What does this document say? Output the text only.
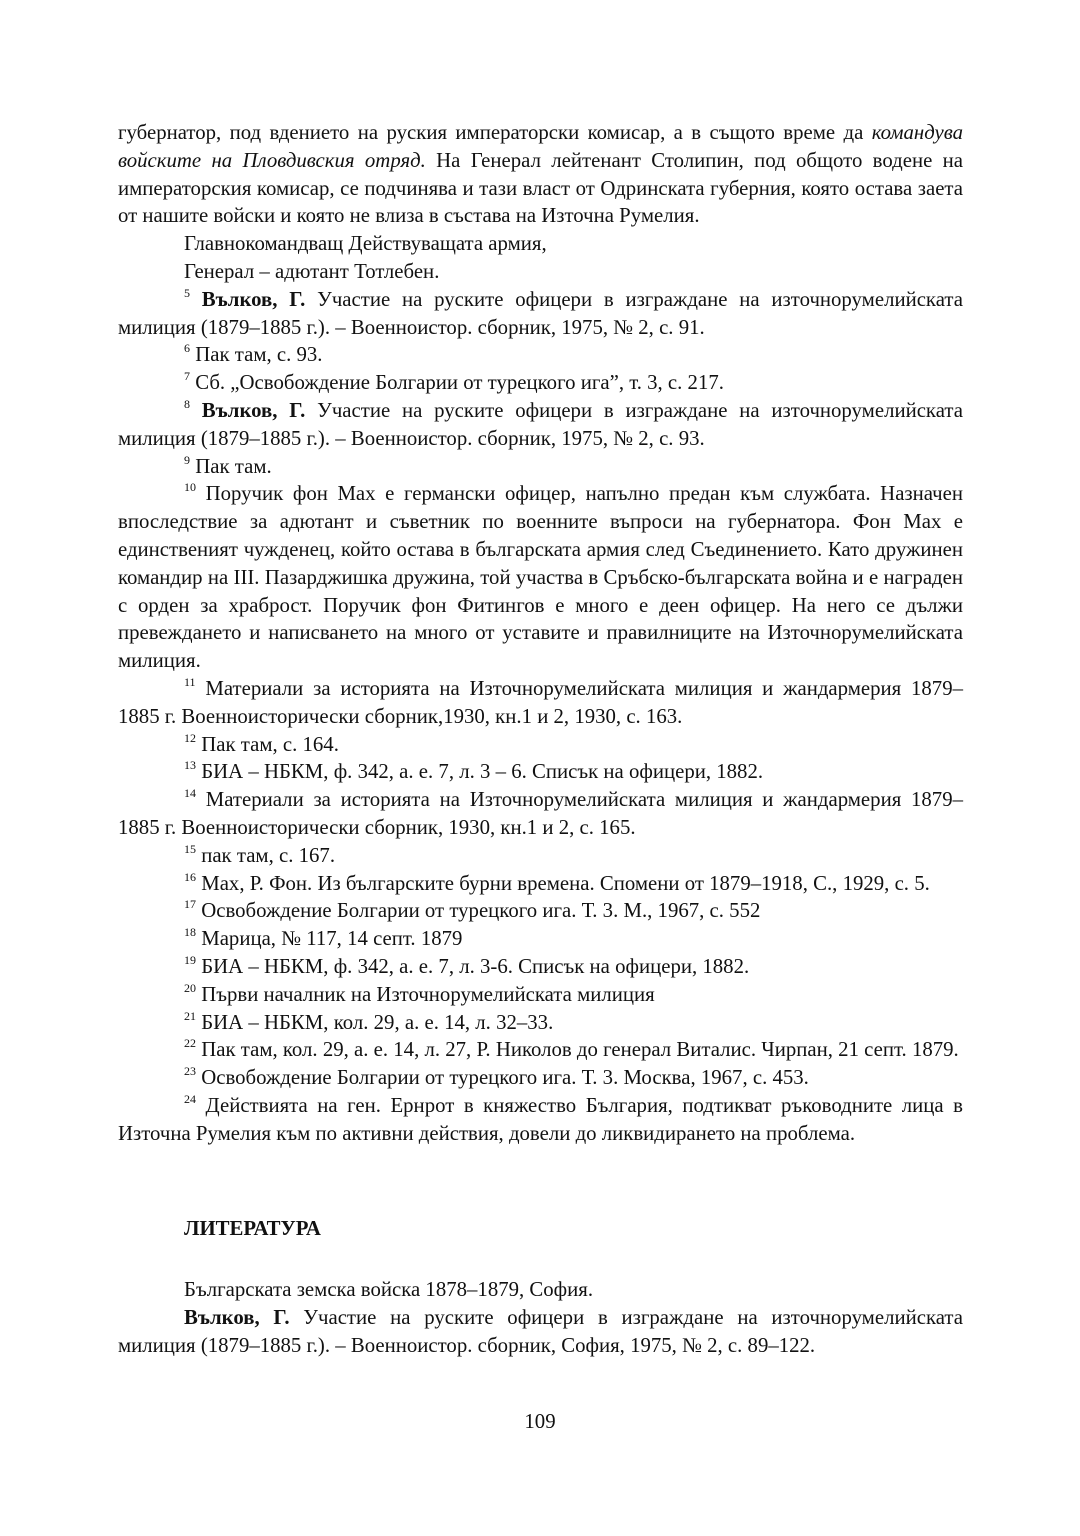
губернатор, под вдението на руския императорски комисар, а в същото време да командува войските на Пловдивския отряд. На Генерал лейтенант Столипин, под общото водене на императорския комисар, се подчинява и тази власт от Одринската губерния, която остава заета от нашите войски и която не влиза в състава на Източна Румелия.

Главнокомандващ Действуващата армия,

Генерал – адютант Тотлебен.

$^5$ Вълков, Г. Участие на руските офицери в изграждане на източнорумелийската милиция (1879–1885 г.). – Военноистор. сборник, 1975, № 2, с. 91.

$^6$ Пак там, с. 93.

$^7$ Сб. „Освобождение Болгарии от турецкого ига”, т. 3, с. 217.

$^8$ Вълков, Г. Участие на руските офицери в изграждане на източнорумелийската милиция (1879–1885 г.). – Военноистор. сборник, 1975, № 2, с. 93.

$^9$ Пак там.

$^{10}$ Поручик фон Мах е германски офицер, напълно предан към службата. Назначен впоследствие за адютант и съветник по военните въпроси на губернатора. Фон Мах е единственият чужденец, който остава в българската армия след Съединението. Като дружинен командир на III. Пазарджишка дружина, той участва в Сръбско-българската война и е награден с орден за храброст. Поручик фон Фитингов е много е деен офицер. На него се дължи превеждането и написването на много от уставите и правилниците на Източнорумелийската милиция.

$^{11}$ Материали за историята на Източнорумелийската милиция и жандармерия 1879–1885 г. Военноисторически сборник,1930, кн.1 и 2, 1930, с. 163.

$^{12}$ Пак там, с. 164.

$^{13}$ БИА – НБКМ, ф. 342, а. е. 7, л. 3 – 6. Списък на офицери, 1882.

$^{14}$ Материали за историята на Източнорумелийската милиция и жандармерия 1879–1885 г. Военноисторически сборник, 1930, кн.1 и 2, с. 165.

$^{15}$ пак там, с. 167.

$^{16}$ Мах, Р. Фон. Из българските бурни времена. Спомени от 1879–1918, С., 1929, с. 5.

$^{17}$ Освобождение Болгарии от турецкого ига. Т. 3. М., 1967, с. 552

$^{18}$ Марица, № 117, 14 септ. 1879

$^{19}$ БИА – НБКМ, ф. 342, а. е. 7, л. 3-6. Списък на офицери, 1882.

$^{20}$ Първи началник на Източнорумелийската милиция

$^{21}$ БИА – НБКМ, кол. 29, а. е. 14, л. 32–33.

$^{22}$ Пак там, кол. 29, а. е. 14, л. 27, Р. Николов до генерал Виталис. Чирпан, 21 септ. 1879.

$^{23}$ Освобождение Болгарии от турецкого ига. Т. 3. Москва, 1967, с. 453.

$^{24}$ Действията на ген. Ернрот в княжество България, подтикват ръководните лица в Източна Румелия към по активни действия, довели до ликвидирането на проблема.

ЛИТЕРАТУРА

Българската земска войска 1878–1879, София.

Вълков, Г. Участие на руските офицери в изграждане на източнорумелийската милиция (1879–1885 г.). – Военноистор. сборник, София, 1975, № 2, с. 89–122.

109
